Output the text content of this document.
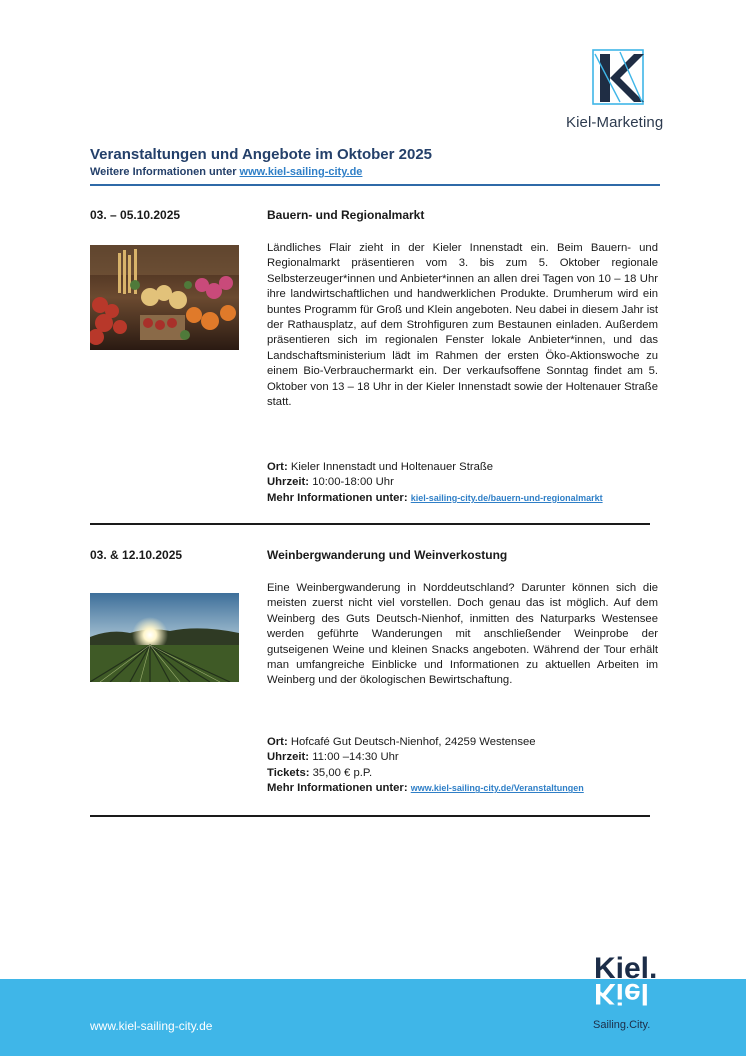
Kiel-Marketing
Veranstaltungen und Angebote im Oktober 2025
Weitere Informationen unter www.kiel-sailing-city.de
03. – 05.10.2025	Bauern- und Regionalmarkt

Ländliches Flair zieht in der Kieler Innenstadt ein. Beim Bauern- und Regionalmarkt präsentieren vom 3. bis zum 5. Oktober regionale Selbsterzeuger*innen und Anbieter*innen an allen drei Tagen von 10 – 18 Uhr ihre landwirtschaftlichen und handwerklichen Produkte. Drumherum wird ein buntes Programm für Groß und Klein angeboten. Neu dabei in diesem Jahr ist der Rathausplatz, auf dem Strohfiguren zum Bestaunen einladen. Außerdem präsentieren sich im regionalen Fenster lokale Anbieter*innen, und das Landschaftsministerium lädt im Rahmen der ersten Öko-Aktionswoche zu einem Bio-Verbrauchermarkt ein. Der verkaufsoffene Sonntag findet am 5. Oktober von 13 – 18 Uhr in der Kieler Innenstadt sowie der Holtenauer Straße statt.

Ort: Kieler Innenstadt und Holtenauer Straße
Uhrzeit: 10:00-18:00 Uhr
Mehr Informationen unter: kiel-sailing-city.de/bauern-und-regionalmarkt
03. & 12.10.2025	Weinbergwanderung und Weinverkostung

Eine Weinbergwanderung in Norddeutschland? Darunter können sich die meisten zuerst nicht viel vorstellen. Doch genau das ist möglich. Auf dem Weinberg des Guts Deutsch-Nienhof, inmitten des Naturparks Westensee werden geführte Wanderungen mit anschließender Weinprobe der gutseigenen Weine und kleinen Snacks angeboten. Während der Tour erhält man umfangreiche Einblicke und Informationen zu aktuellen Arbeiten im Weinberg und der ökologischen Bewirtschaftung.

Ort: Hofcafé Gut Deutsch-Nienhof, 24259 Westensee
Uhrzeit: 11:00 –14:30 Uhr
Tickets: 35,00 € p.P.
Mehr Informationen unter: www.kiel-sailing-city.de/Veranstaltungen
www.kiel-sailing-city.de
Kiel.
Kiel
Sailing.City.
